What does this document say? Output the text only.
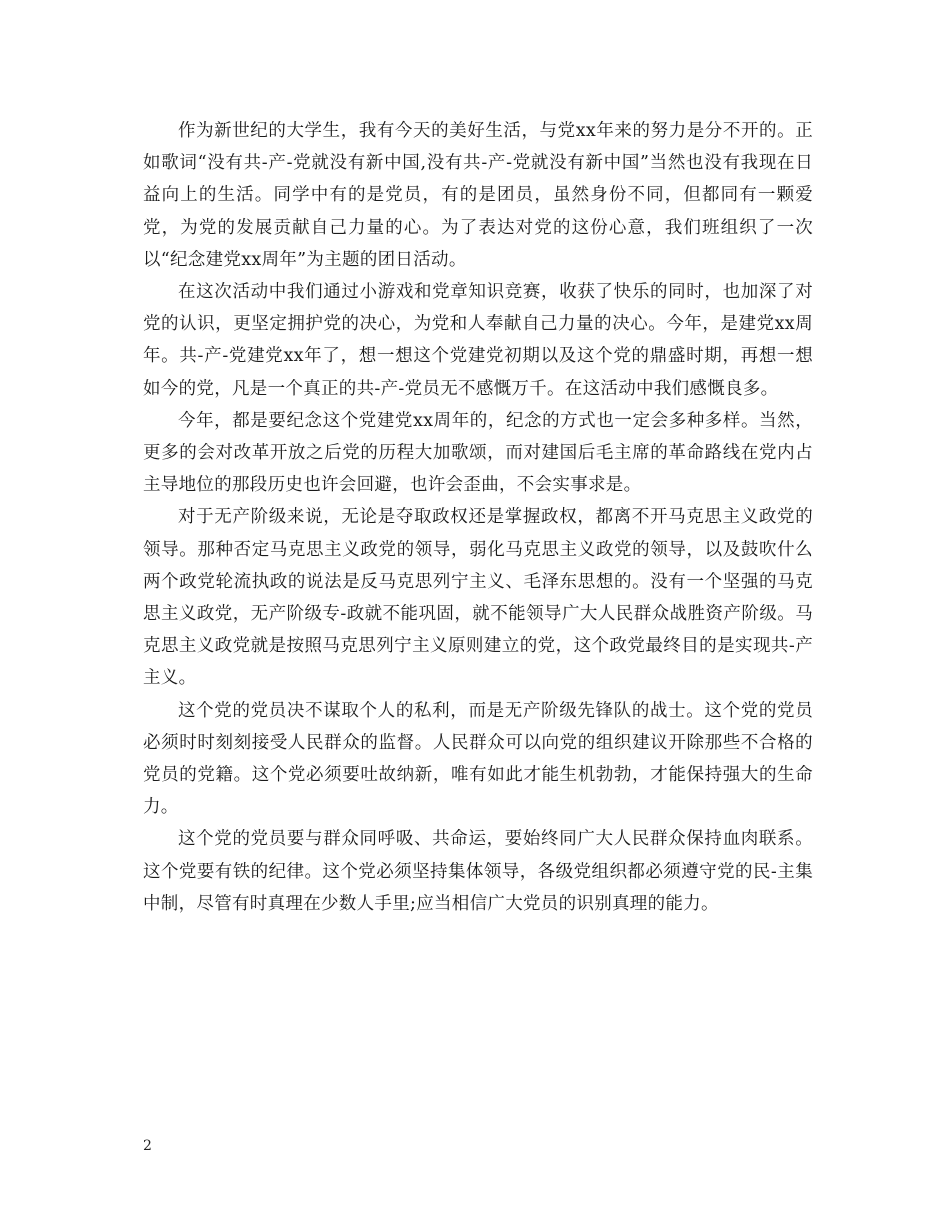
作为新世纪的大学生，我有今天的美好生活，与党xx年来的努力是分不开的。正如歌词“没有共-产-党就没有新中国,没有共-产-党就没有新中国”当然也没有我现在日益向上的生活。同学中有的是党员，有的是团员，虽然身份不同，但都同有一颗爱党，为党的发展贡献自己力量的心。为了表达对党的这份心意，我们班组织了一次以“纪念建党xx周年”为主题的团日活动。

在这次活动中我们通过小游戏和党章知识竞赛，收获了快乐的同时，也加深了对党的认识，更坚定拥护党的决心，为党和人奉献自己力量的决心。今年，是建党xx周年。共-产-党建党xx年了，想一想这个党建党初期以及这个党的鼎盛时期，再想一想如今的党，凡是一个真正的共-产-党员无不感慨万千。在这活动中我们感慨良多。

今年，都是要纪念这个党建党xx周年的，纪念的方式也一定会多种多样。当然，更多的会对改革开放之后党的历程大加歌颂，而对建国后毛主席的革命路线在党内占主导地位的那段历史也许会回避，也许会歪曲，不会实事求是。

对于无产阶级来说，无论是夺取政权还是掌握政权，都离不开马克思主义政党的领导。那种否定马克思主义政党的领导，弱化马克思主义政党的领导，以及鼓吹什么两个政党轮流执政的说法是反马克思列宁主义、毛泽东思想的。没有一个坚强的马克思主义政党，无产阶级专-政就不能巩固，就不能领导广大人民群众战胜资产阶级。马克思主义政党就是按照马克思列宁主义原则建立的党，这个政党最终目的是实现共-产主义。

这个党的党员决不谋取个人的私利，而是无产阶级先锋队的战士。这个党的党员必须时时刻刻接受人民群众的监督。人民群众可以向党的组织建议开除那些不合格的党员的党籍。这个党必须要吐故纳新，唯有如此才能生机勃勃，才能保持强大的生命力。

这个党的党员要与群众同呼吸、共命运，要始终同广大人民群众保持血肉联系。这个党要有铁的纪律。这个党必须坚持集体领导，各级党组织都必须遵守党的民-主集中制，尽管有时真理在少数人手里;应当相信广大党员的识别真理的能力。

2
